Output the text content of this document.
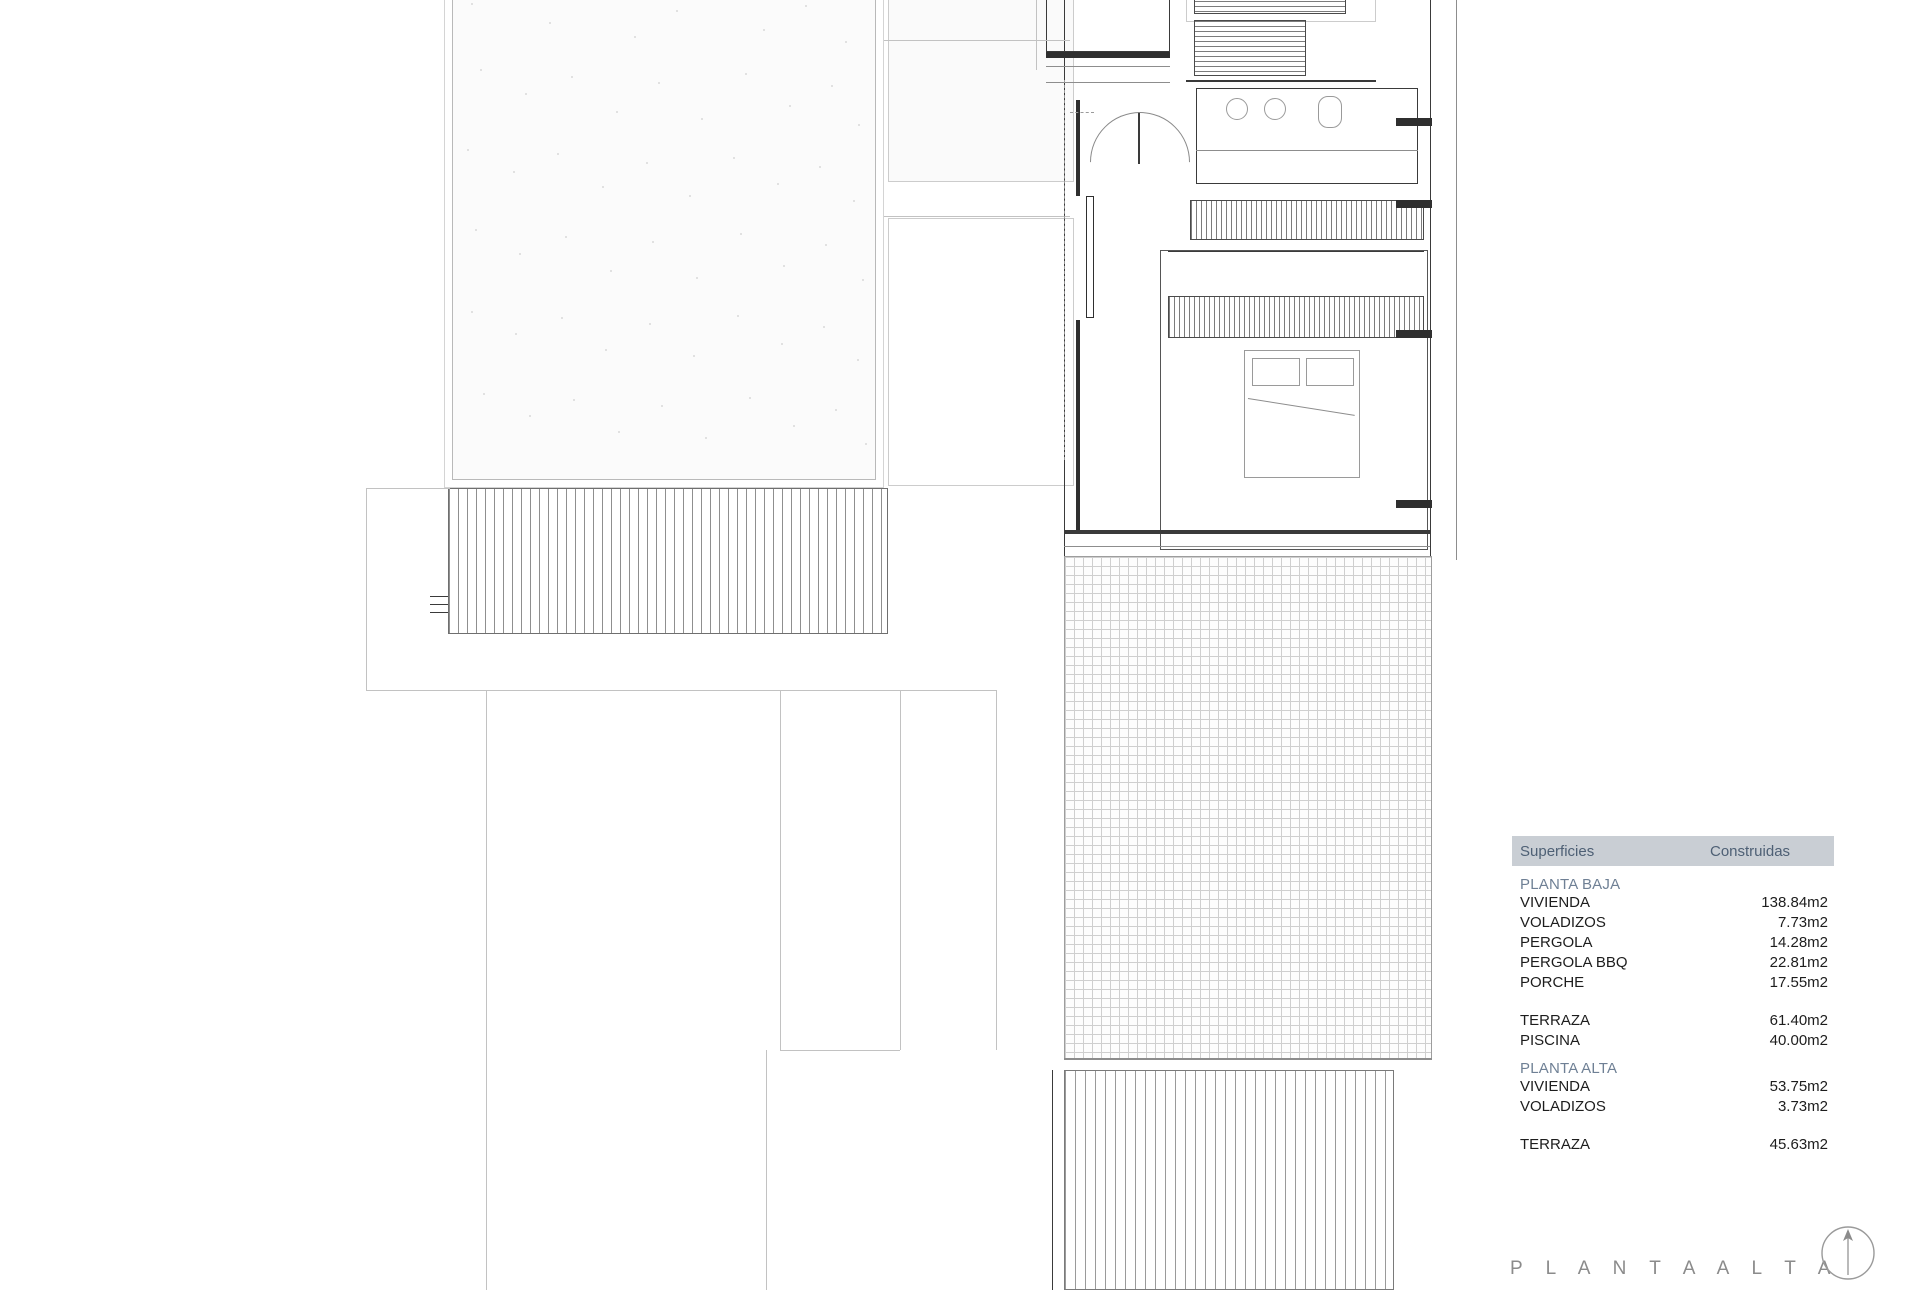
Superficies	Construidas
PLANTA BAJA
VIVIENDA	138.84m2
VOLADIZOS	7.73m2
PERGOLA	14.28m2
PERGOLA BBQ	22.81m2
PORCHE	17.55m2
TERRAZA	61.40m2
PISCINA	40.00m2
PLANTA ALTA
VIVIENDA	53.75m2
VOLADIZOS	3.73m2
TERRAZA	45.63m2
P L A N T A A L T A
